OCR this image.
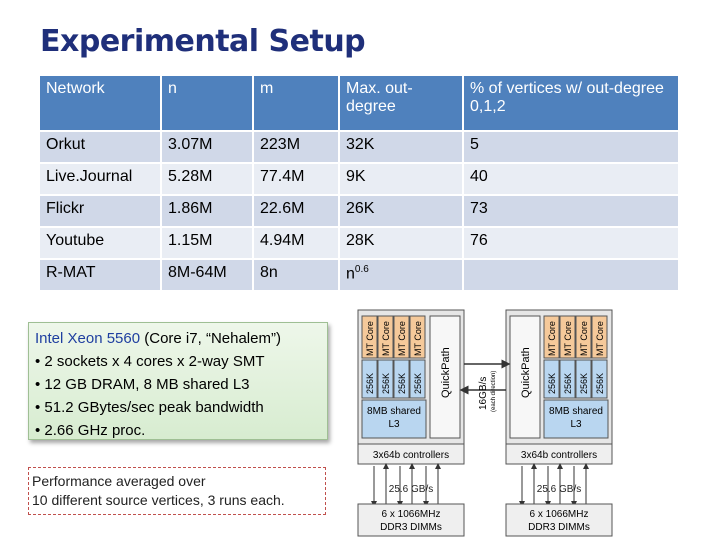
Experimental Setup
Network	n	m	Max. out-degree	% of vertices w/ out-degree 0,1,2
Orkut	3.07M	223M	32K	5
Live.Journal	5.28M	77.4M	9K	40
Flickr	1.86M	22.6M	26K	73
Youtube	1.15M	4.94M	28K	76
R-MAT	8M-64M	8n	$n^{0.6}$	
Intel Xeon 5560 (Core i7, “Nehalem”)
• 2 sockets x 4 cores x 2-way SMT
• 12 GB DRAM, 8 MB shared L3
• 51.2 GBytes/sec peak bandwidth
• 2.66 GHz proc.
Performance averaged over
10 different source vertices, 3 runs each.
MT Core
256K
MT Core
256K
MT Core
256K
MT Core
256K
8MB shared
L3
QuickPath	QuickPath
MT Core
256K
MT Core
256K
MT Core
256K
MT Core
256K
8MB shared
L3
16GB/s (each direction)
3x64b controllers	3x64b controllers
25.6 GB/s	25.6 GB/s
6 x 1066MHz
DDR3 DIMMs
6 x 1066MHz
DDR3 DIMMs
